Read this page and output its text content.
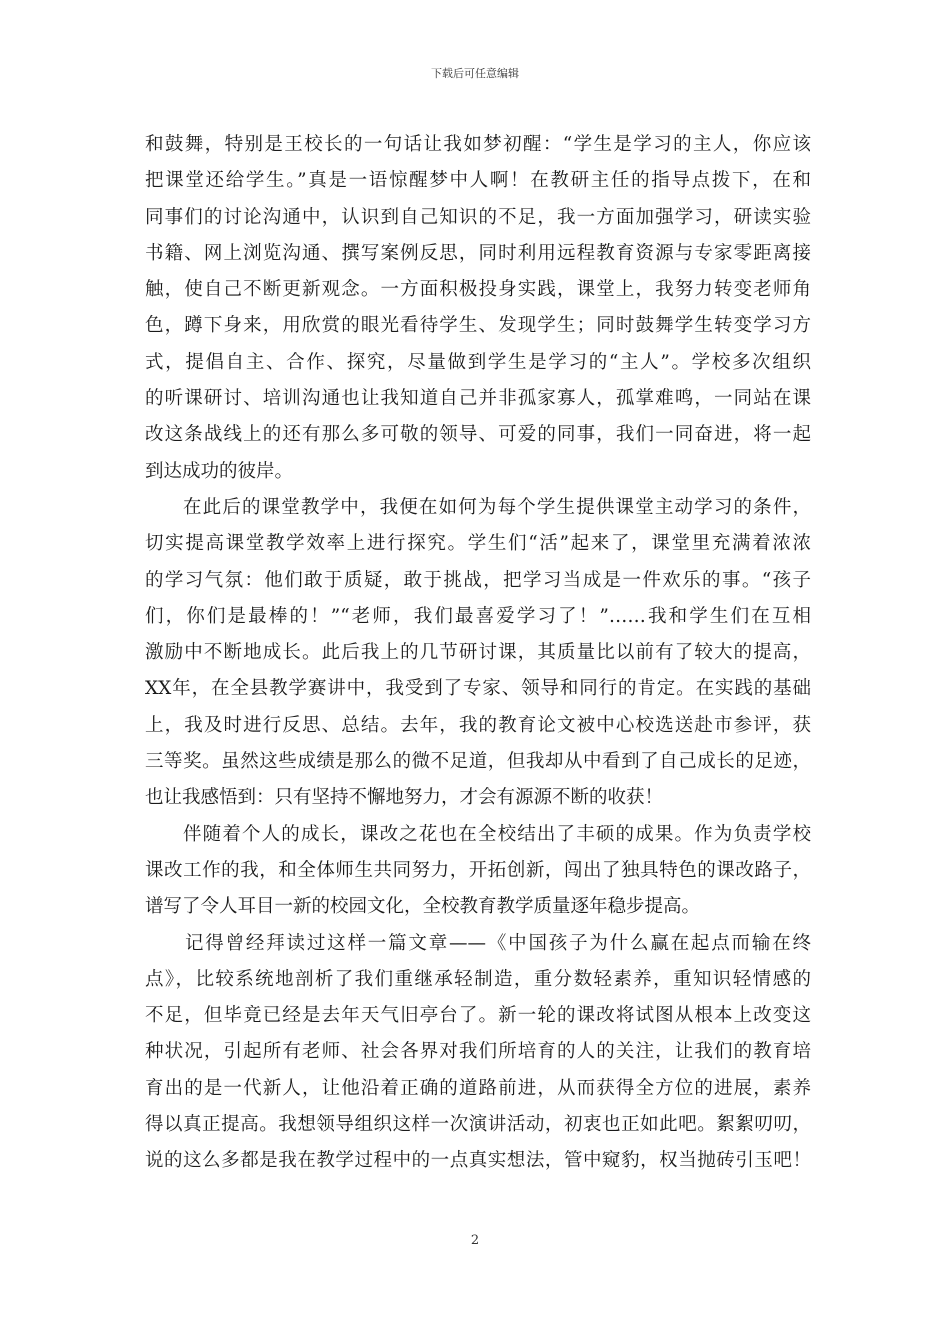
下载后可任意编辑
和鼓舞，特别是王校长的一句话让我如梦初醒：“学生是学习的主人，你应该
把课堂还给学生。”真是一语惊醒梦中人啊！在教研主任的指导点拨下，在和
同事们的讨论沟通中，认识到自己知识的不足，我一方面加强学习，研读实验
书籍、网上浏览沟通、撰写案例反思，同时利用远程教育资源与专家零距离接
触，使自己不断更新观念。一方面积极投身实践，课堂上，我努力转变老师角
色，蹲下身来，用欣赏的眼光看待学生、发现学生；同时鼓舞学生转变学习方
式，提倡自主、合作、探究，尽量做到学生是学习的“主人”。学校多次组织
的听课研讨、培训沟通也让我知道自己并非孤家寡人，孤掌难鸣，一同站在课
改这条战线上的还有那么多可敬的领导、可爱的同事，我们一同奋进，将一起
到达成功的彼岸。
在此后的课堂教学中，我便在如何为每个学生提供课堂主动学习的条件，
切实提高课堂教学效率上进行探究。学生们“活”起来了，课堂里充满着浓浓
的学习气氛：他们敢于质疑，敢于挑战，把学习当成是一件欢乐的事。“孩子
们，你们是最棒的！”“老师，我们最喜爱学习了！”……我和学生们在互相
激励中不断地成长。此后我上的几节研讨课，其质量比以前有了较大的提高，
XX年，在全县教学赛讲中，我受到了专家、领导和同行的肯定。在实践的基础
上，我及时进行反思、总结。去年，我的教育论文被中心校选送赴市参评，获
三等奖。虽然这些成绩是那么的微不足道，但我却从中看到了自己成长的足迹，
也让我感悟到：只有坚持不懈地努力，才会有源源不断的收获！
伴随着个人的成长，课改之花也在全校结出了丰硕的成果。作为负责学校
课改工作的我，和全体师生共同努力，开拓创新，闯出了独具特色的课改路子，
谱写了令人耳目一新的校园文化，全校教育教学质量逐年稳步提高。
记得曾经拜读过这样一篇文章——《中国孩子为什么赢在起点而输在终
点》，比较系统地剖析了我们重继承轻制造，重分数轻素养，重知识轻情感的
不足，但毕竟已经是去年天气旧亭台了。新一轮的课改将试图从根本上改变这
种状况，引起所有老师、社会各界对我们所培育的人的关注，让我们的教育培
育出的是一代新人，让他沿着正确的道路前进，从而获得全方位的进展，素养
得以真正提高。我想领导组织这样一次演讲活动，初衷也正如此吧。絮絮叨叨，
说的这么多都是我在教学过程中的一点真实想法，管中窥豹，权当抛砖引玉吧！
2
